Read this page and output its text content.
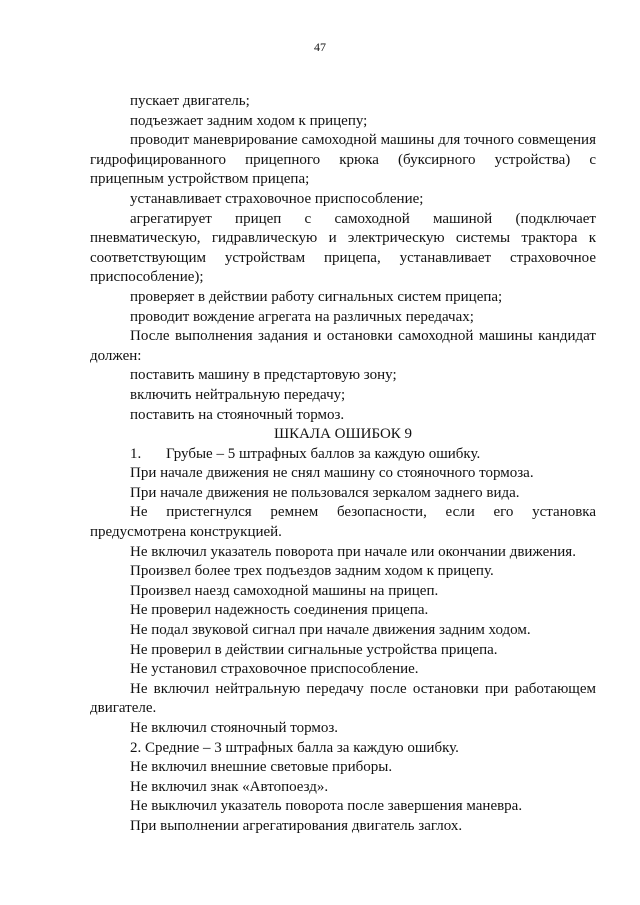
47

пускает двигатель;

подъезжает задним ходом к прицепу;

проводит маневрирование самоходной машины для точного совмещения гидрофицированного прицепного крюка (буксирного устройства) с прицепным устройством прицепа;

устанавливает страховочное приспособление;

агрегатирует прицеп с самоходной машиной (подключает пневматическую, гидравлическую и электрическую системы трактора к соответствующим устройствам прицепа, устанавливает страховочное приспособление);

проверяет в действии работу сигнальных систем прицепа;

проводит вождение агрегата на различных передачах;

После выполнения задания и остановки самоходной машины кандидат должен:

поставить машину в предстартовую зону;

включить нейтральную передачу;

поставить на стояночный тормоз.

ШКАЛА ОШИБОК 9

1. Грубые – 5 штрафных баллов за каждую ошибку.

При начале движения не снял машину со стояночного тормоза.

При начале движения не пользовался зеркалом заднего вида.

Не пристегнулся ремнем безопасности, если его установка предусмотрена конструкцией.

Не включил указатель поворота при начале или окончании движения.

Произвел более трех подъездов задним ходом к прицепу.

Произвел наезд самоходной машины на прицеп.

Не проверил надежность соединения прицепа.

Не подал звуковой сигнал при начале движения задним ходом.

Не проверил в действии сигнальные устройства прицепа.

Не установил страховочное приспособление.

Не включил нейтральную передачу после остановки при работающем двигателе.

Не включил стояночный тормоз.

2. Средние – 3 штрафных балла за каждую ошибку.

Не включил внешние световые приборы.

Не включил знак «Автопоезд».

Не выключил указатель поворота после завершения маневра.

При выполнении агрегатирования двигатель заглох.
